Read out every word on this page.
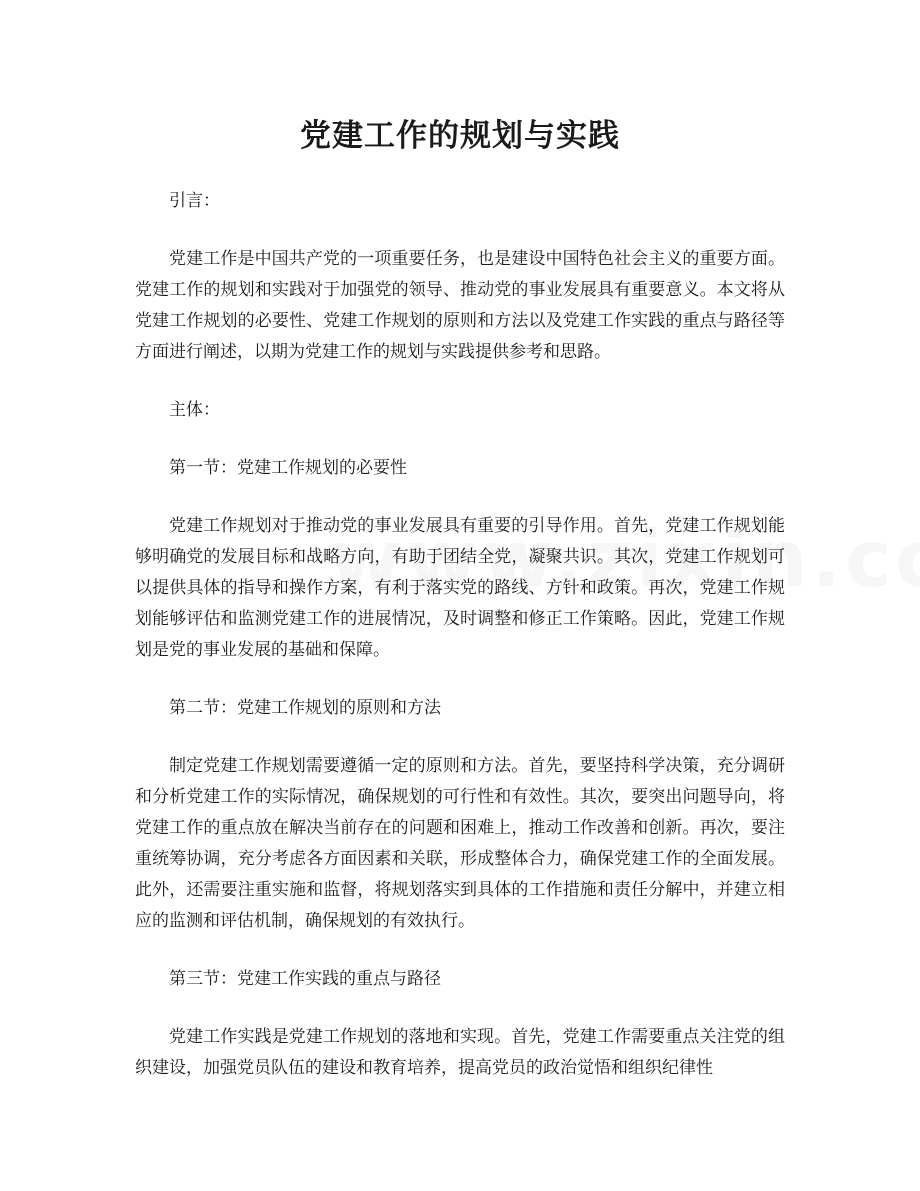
党建工作的规划与实践

引言：

党建工作是中国共产党的一项重要任务，也是建设中国特色社会主义的重要方面。党建工作的规划和实践对于加强党的领导、推动党的事业发展具有重要意义。本文将从党建工作规划的必要性、党建工作规划的原则和方法以及党建工作实践的重点与路径等方面进行阐述，以期为党建工作的规划与实践提供参考和思路。

主体：

第一节：党建工作规划的必要性

党建工作规划对于推动党的事业发展具有重要的引导作用。首先，党建工作规划能够明确党的发展目标和战略方向，有助于团结全党，凝聚共识。其次，党建工作规划可以提供具体的指导和操作方案，有利于落实党的路线、方针和政策。再次，党建工作规划能够评估和监测党建工作的进展情况，及时调整和修正工作策略。因此，党建工作规划是党的事业发展的基础和保障。

第二节：党建工作规划的原则和方法

制定党建工作规划需要遵循一定的原则和方法。首先，要坚持科学决策，充分调研和分析党建工作的实际情况，确保规划的可行性和有效性。其次，要突出问题导向，将党建工作的重点放在解决当前存在的问题和困难上，推动工作改善和创新。再次，要注重统筹协调，充分考虑各方面因素和关联，形成整体合力，确保党建工作的全面发展。此外，还需要注重实施和监督，将规划落实到具体的工作措施和责任分解中，并建立相应的监测和评估机制，确保规划的有效执行。

第三节：党建工作实践的重点与路径

党建工作实践是党建工作规划的落地和实现。首先，党建工作需要重点关注党的组织建设，加强党员队伍的建设和教育培养，提高党员的政治觉悟和组织纪律性
